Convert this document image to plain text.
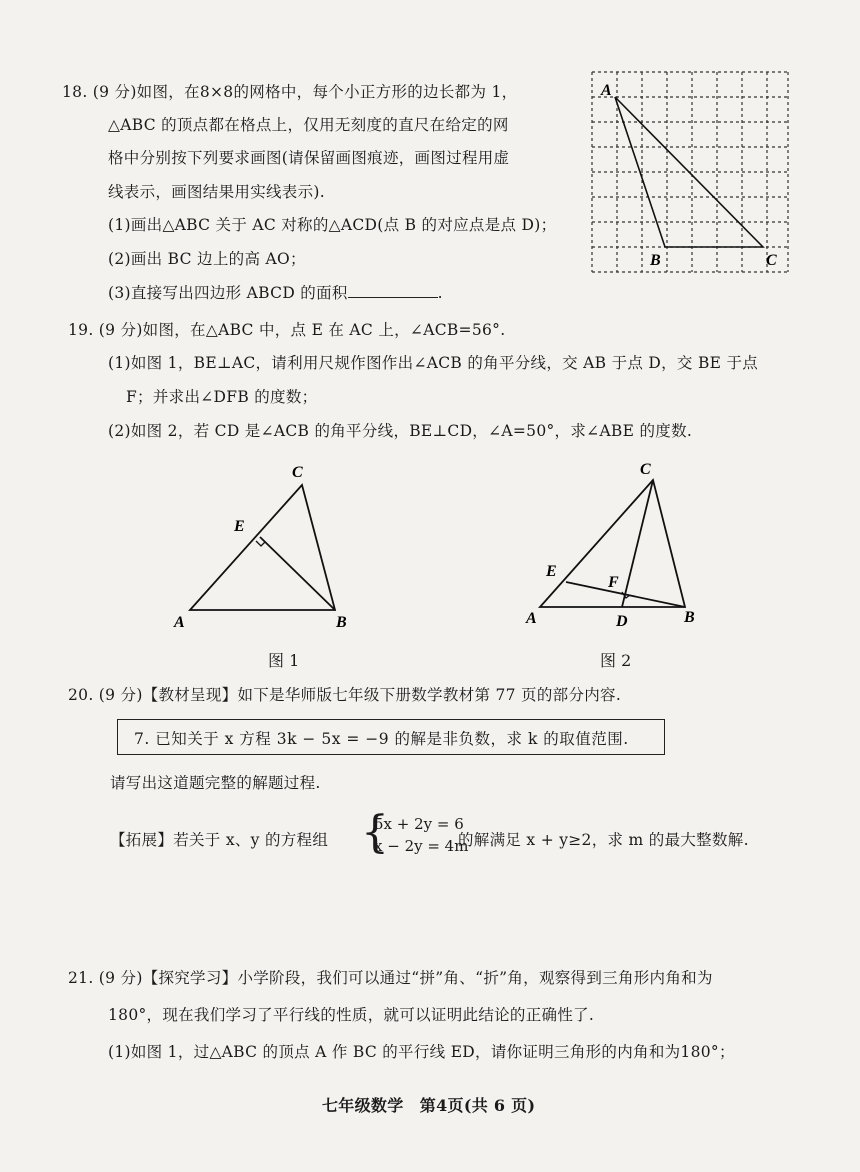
18. (9 分)如图，在8×8的网格中，每个小正方形的边长都为 1，
△ABC 的顶点都在格点上，仅用无刻度的直尺在给定的网
格中分别按下列要求画图(请保留画图痕迹，画图过程用虚
线表示，画图结果用实线表示).
(1)画出△ABC 关于 AC 对称的△ACD(点 B 的对应点是点 D)；
(2)画出 BC 边上的高 AO；
(3)直接写出四边形 ABCD 的面积	.
A
B	C
19. (9 分)如图，在△ABC 中，点 E 在 AC 上，∠ACB=56°.
(1)如图 1，BE⊥AC，请利用尺规作图作出∠ACB 的角平分线，交 AB 于点 D，交 BE 于点
F；并求出∠DFB 的度数；
(2)如图 2，若 CD 是∠ACB 的角平分线，BE⊥CD，∠A=50°，求∠ABE 的度数.
C
E
A	B
图 1
C
E
F
A	D	B
图 2
20. (9 分)【教材呈现】如下是华师版七年级下册数学教材第 77 页的部分内容.
7. 已知关于 x 方程 3k − 5x = −9 的解是非负数，求 k 的取值范围.
请写出这道题完整的解题过程.
【拓展】若关于 x、y 的方程组 {
5x + 2y = 6
x − 2y = 4m
的解满足 x + y≥2，求 m 的最大整数解.
21. (9 分)【探究学习】小学阶段，我们可以通过“拼”角、“折”角，观察得到三角形内角和为
180°，现在我们学习了平行线的性质，就可以证明此结论的正确性了.
(1)如图 1，过△ABC 的顶点 A 作 BC 的平行线 ED，请你证明三角形的内角和为180°；
七年级数学　第4页(共 6 页)
